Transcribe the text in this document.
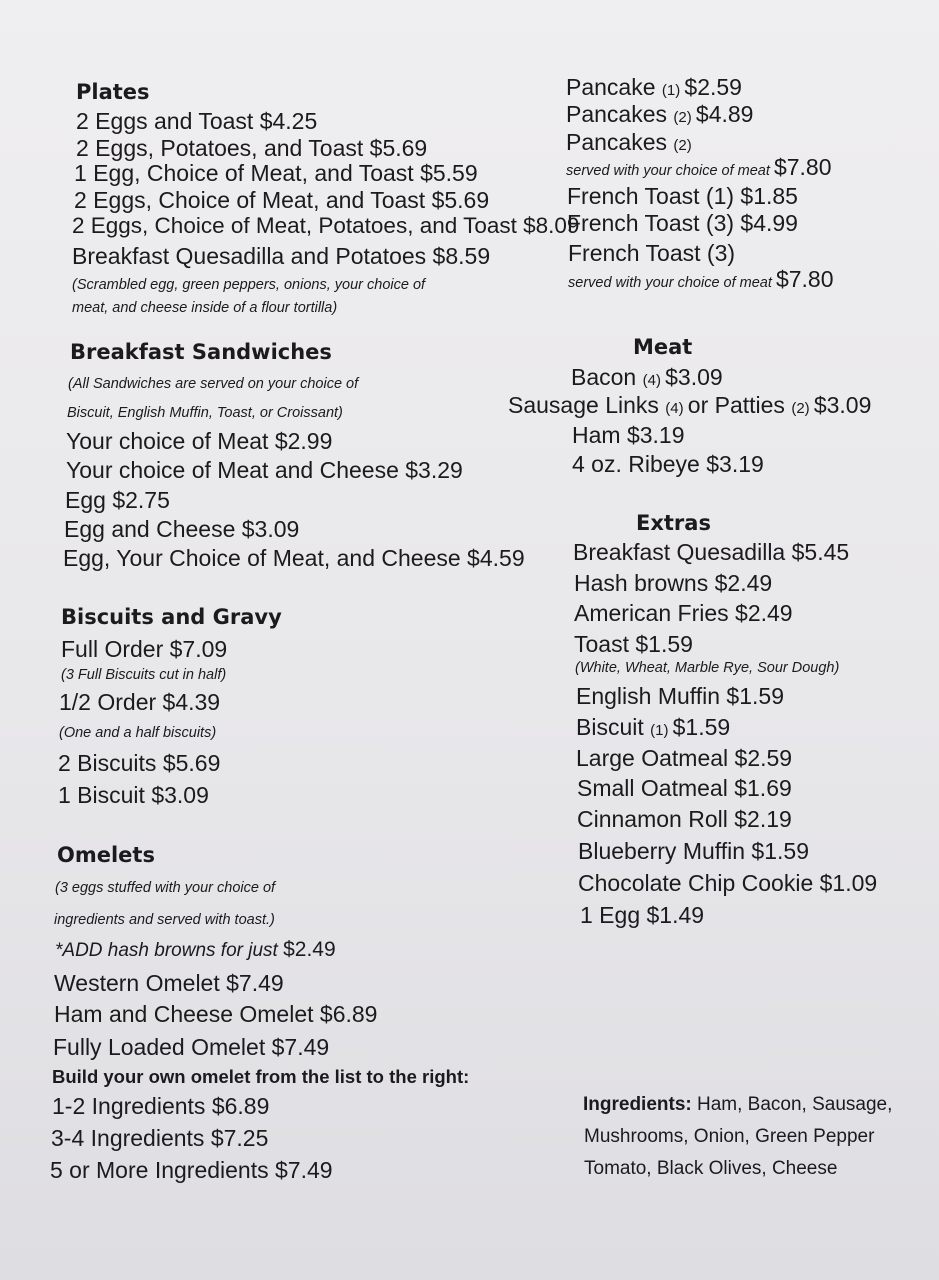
Plates
2 Eggs and Toast $4.25
2 Eggs, Potatoes, and Toast $5.69
1 Egg, Choice of Meat, and Toast $5.59
2 Eggs, Choice of Meat, and Toast $5.69
2 Eggs, Choice of Meat, Potatoes, and Toast $8.09
Breakfast Quesadilla and Potatoes $8.59
(Scrambled egg, green peppers, onions, your choice of
meat, and cheese inside of a flour tortilla)
Pancake (1) $2.59
Pancakes (2) $4.89
Pancakes (2)
served with your choice of meat $7.80
French Toast (1) $1.85
French Toast (3) $4.99
French Toast (3)
served with your choice of meat $7.80
Breakfast Sandwiches
(All Sandwiches are served on your choice of
Biscuit, English Muffin, Toast, or Croissant)
Your choice of Meat $2.99
Your choice of Meat and Cheese $3.29
Egg $2.75
Egg and Cheese $3.09
Egg, Your Choice of Meat, and Cheese $4.59
Meat
Bacon (4) $3.09
Sausage Links (4) or Patties (2) $3.09
Ham $3.19
4 oz. Ribeye $3.19
Extras
Breakfast Quesadilla $5.45
Hash browns $2.49
American Fries $2.49
Toast $1.59
(White, Wheat, Marble Rye, Sour Dough)
English Muffin $1.59
Biscuit (1) $1.59
Large Oatmeal $2.59
Small Oatmeal $1.69
Cinnamon Roll $2.19
Blueberry Muffin $1.59
Chocolate Chip Cookie $1.09
1 Egg $1.49
Biscuits and Gravy
Full Order $7.09
(3 Full Biscuits cut in half)
1/2 Order $4.39
(One and a half biscuits)
2 Biscuits $5.69
1 Biscuit $3.09
Omelets
(3 eggs stuffed with your choice of
ingredients and served with toast.)
*ADD hash browns for just $2.49
Western Omelet $7.49
Ham and Cheese Omelet $6.89
Fully Loaded Omelet $7.49
Build your own omelet from the list to the right:
1-2 Ingredients $6.89
3-4 Ingredients $7.25
5 or More Ingredients $7.49
Ingredients: Ham, Bacon, Sausage,
Mushrooms, Onion, Green Pepper
Tomato, Black Olives, Cheese
